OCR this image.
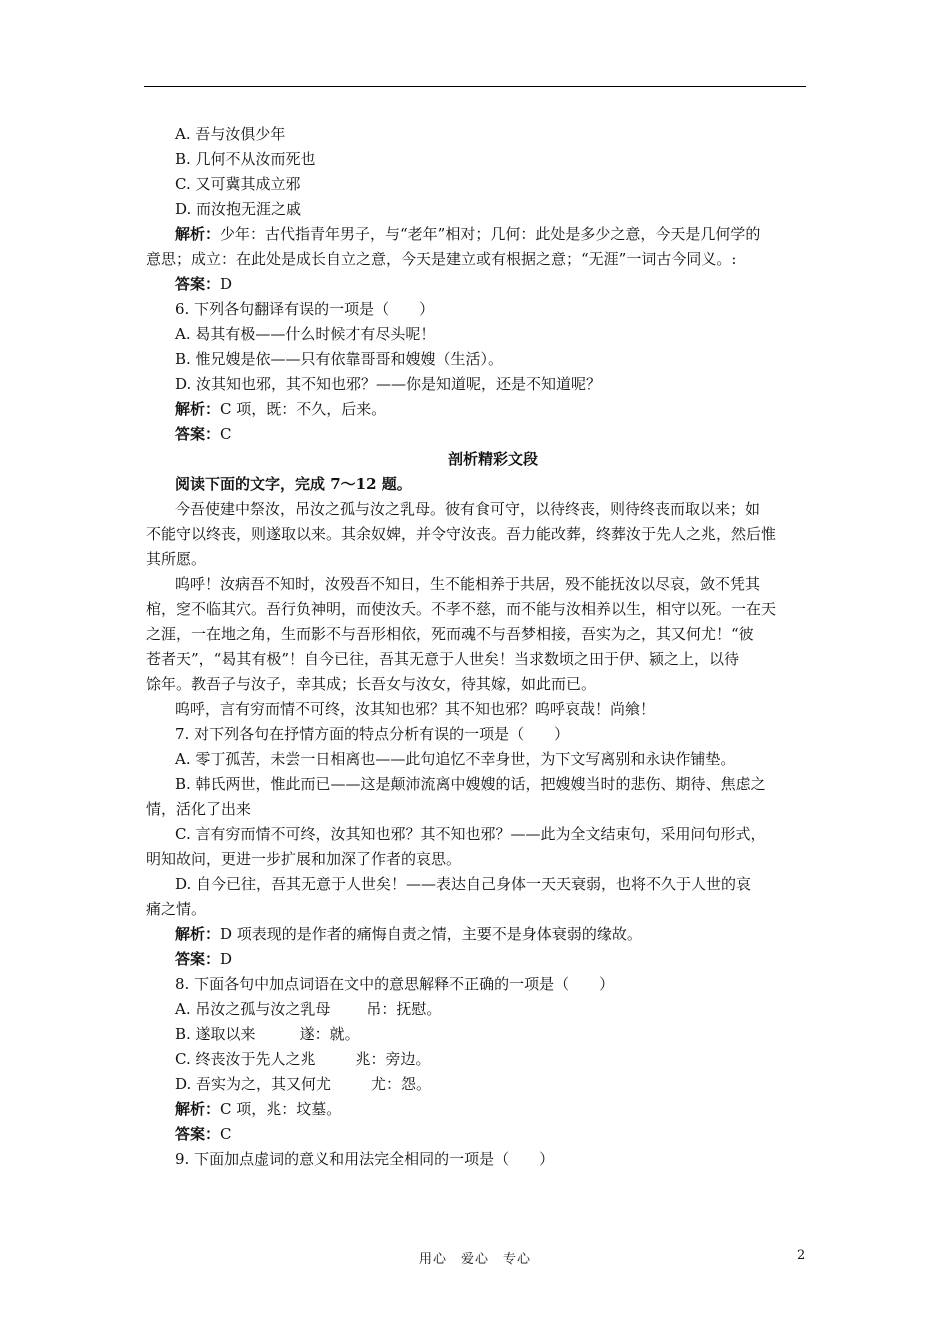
A. 吾与汝俱少年
B. 几何不从汝而死也
C. 又可冀其成立邪
D. 而汝抱无涯之戚
解析：少年：古代指青年男子，与“老年”相对；几何：此处是多少之意，今天是几何学的
意思；成立：在此处是成长自立之意，今天是建立或有根据之意；“无涯”一词古今同义。:
答案：D
6. 下列各句翻译有误的一项是（　　）
A. 曷其有极——什么时候才有尽头呢！
B. 惟兄嫂是依——只有依靠哥哥和嫂嫂（生活）。
D. 汝其知也邪，其不知也邪？——你是知道呢，还是不知道呢？
解析：C 项，既：不久，后来。
答案：C
剖析精彩文段
阅读下面的文字，完成 7～12 题。
今吾使建中祭汝，吊汝之孤与汝之乳母。彼有食可守，以待终丧，则待终丧而取以来；如
不能守以终丧，则遂取以来。其余奴婢，并令守汝丧。吾力能改葬，终葬汝于先人之兆，然后惟
其所愿。
呜呼！汝病吾不知时，汝殁吾不知日，生不能相养于共居，殁不能抚汝以尽哀，敛不凭其
棺，窆不临其穴。吾行负神明，而使汝夭。不孝不慈，而不能与汝相养以生，相守以死。一在天
之涯，一在地之角，生而影不与吾形相依，死而魂不与吾梦相接，吾实为之，其又何尤！“彼
苍者天”，“曷其有极”！自今已往，吾其无意于人世矣！当求数顷之田于伊、颍之上，以待
馀年。教吾子与汝子，幸其成；长吾女与汝女，待其嫁，如此而已。
呜呼，言有穷而情不可终，汝其知也邪？其不知也邪？呜呼哀哉！尚飨！
7. 对下列各句在抒情方面的特点分析有误的一项是（　　）
A. 零丁孤苦，未尝一日相离也——此句追忆不幸身世，为下文写离别和永诀作铺垫。
B. 韩氏两世，惟此而已——这是颠沛流离中嫂嫂的话，把嫂嫂当时的悲伤、期待、焦虑之
情，活化了出来
C. 言有穷而情不可终，汝其知也邪？其不知也邪？——此为全文结束句，采用问句形式，
明知故问，更进一步扩展和加深了作者的哀思。
D. 自今已往，吾其无意于人世矣！——表达自己身体一天天衰弱，也将不久于人世的哀
痛之情。
解析：D 项表现的是作者的痛悔自责之情，主要不是身体衰弱的缘故。
答案：D
8. 下面各句中加点词语在文中的意思解释不正确的一项是（　　）
A. 吊汝之孤与汝之乳母 吊：抚慰。
B. 遂取以来	遂：就。
C. 终丧汝于先人之兆	兆：旁边。
D. 吾实为之，其又何尤	尤：怨。
解析：C 项，兆：坟墓。
答案：C
9. 下面加点虚词的意义和用法完全相同的一项是（　　）
用心　爱心　专心	2
